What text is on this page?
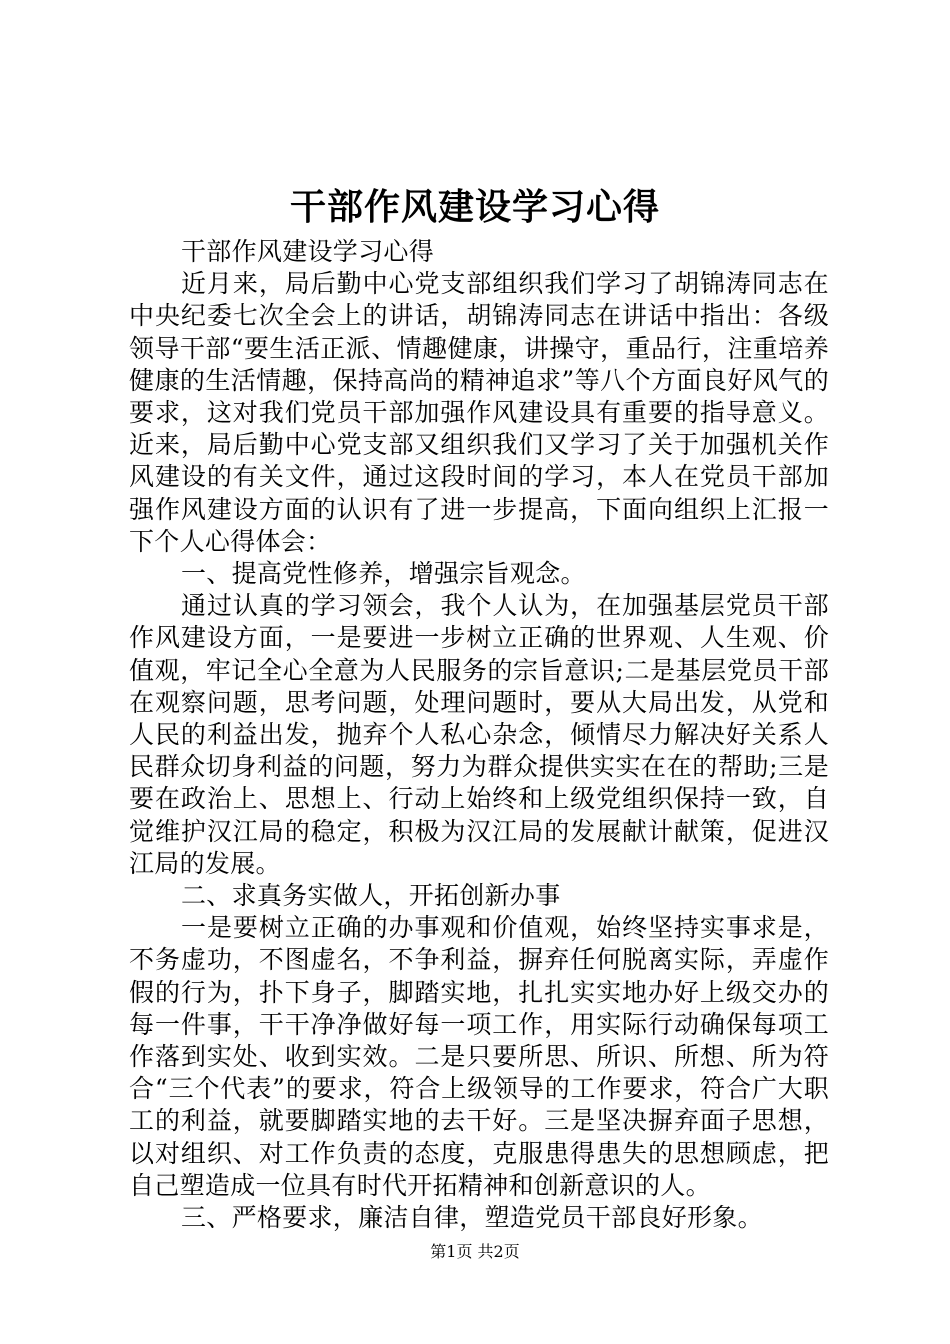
干部作风建设学习心得

干部作风建设学习心得

近月来，局后勤中心党支部组织我们学习了胡锦涛同志在中央纪委七次全会上的讲话，胡锦涛同志在讲话中指出：各级领导干部“要生活正派、情趣健康，讲操守，重品行，注重培养健康的生活情趣，保持高尚的精神追求”等八个方面良好风气的要求，这对我们党员干部加强作风建设具有重要的指导意义。近来，局后勤中心党支部又组织我们又学习了关于加强机关作风建设的有关文件，通过这段时间的学习，本人在党员干部加强作风建设方面的认识有了进一步提高，下面向组织上汇报一下个人心得体会：

一、提高党性修养，增强宗旨观念。

通过认真的学习领会，我个人认为，在加强基层党员干部作风建设方面，一是要进一步树立正确的世界观、人生观、价值观，牢记全心全意为人民服务的宗旨意识;二是基层党员干部在观察问题，思考问题，处理问题时，要从大局出发，从党和人民的利益出发，抛弃个人私心杂念，倾情尽力解决好关系人民群众切身利益的问题，努力为群众提供实实在在的帮助;三是要在政治上、思想上、行动上始终和上级党组织保持一致，自觉维护汉江局的稳定，积极为汉江局的发展献计献策，促进汉江局的发展。

二、求真务实做人，开拓创新办事

一是要树立正确的办事观和价值观，始终坚持实事求是，不务虚功，不图虚名，不争利益，摒弃任何脱离实际，弄虚作假的行为，扑下身子，脚踏实地，扎扎实实地办好上级交办的每一件事，干干净净做好每一项工作，用实际行动确保每项工作落到实处、收到实效。二是只要所思、所识、所想、所为符合“三个代表”的要求，符合上级领导的工作要求，符合广大职工的利益，就要脚踏实地的去干好。三是坚决摒弃面子思想，以对组织、对工作负责的态度，克服患得患失的思想顾虑，把自己塑造成一位具有时代开拓精神和创新意识的人。

三、严格要求，廉洁自律，塑造党员干部良好形象。

第1页 共2页
